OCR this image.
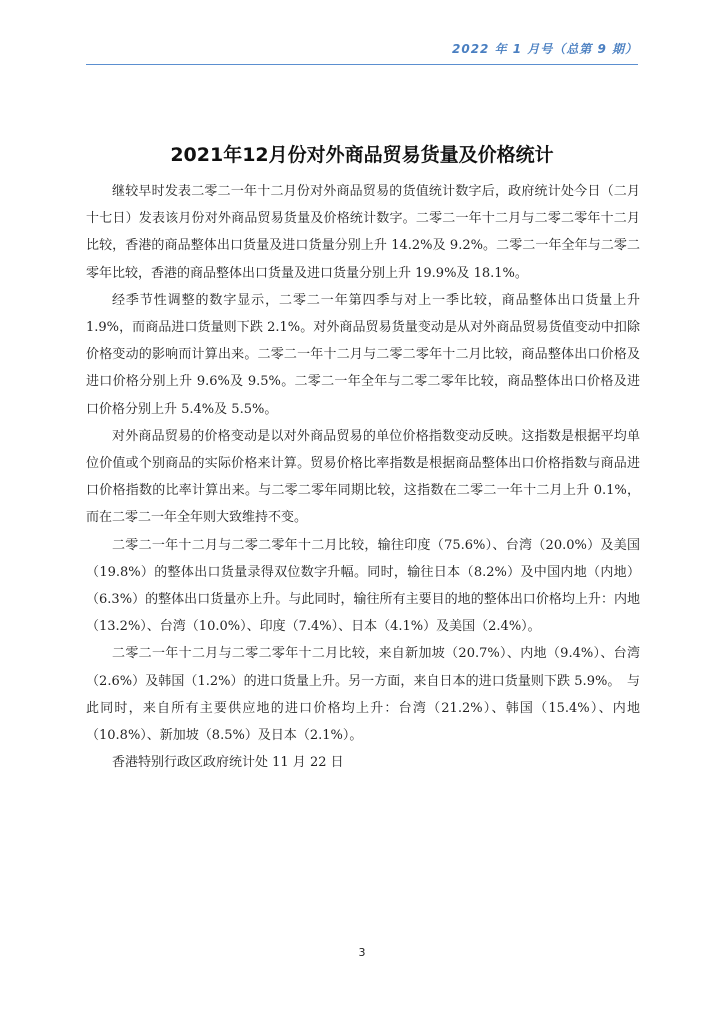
2022 年 1 月号（总第 9 期）
2021年12月份对外商品贸易货量及价格统计

继较早时发表二零二一年十二月份对外商品贸易的货值统计数字后，政府统计处今日（二月十七日）发表该月份对外商品贸易货量及价格统计数字。二零二一年十二月与二零二零年十二月比较，香港的商品整体出口货量及进口货量分别上升 14.2%及 9.2%。二零二一年全年与二零二零年比较，香港的商品整体出口货量及进口货量分别上升 19.9%及 18.1%。

经季节性调整的数字显示，二零二一年第四季与对上一季比较，商品整体出口货量上升 1.9%，而商品进口货量则下跌 2.1%。对外商品贸易货量变动是从对外商品贸易货值变动中扣除价格变动的影响而计算出来。二零二一年十二月与二零二零年十二月比较，商品整体出口价格及进口价格分别上升 9.6%及 9.5%。二零二一年全年与二零二零年比较，商品整体出口价格及进口价格分别上升 5.4%及 5.5%。

对外商品贸易的价格变动是以对外商品贸易的单位价格指数变动反映。这指数是根据平均单位价值或个别商品的实际价格来计算。贸易价格比率指数是根据商品整体出口价格指数与商品进口价格指数的比率计算出来。与二零二零年同期比较，这指数在二零二一年十二月上升 0.1%，而在二零二一年全年则大致维持不变。

二零二一年十二月与二零二零年十二月比较，输往印度（75.6%）、台湾（20.0%）及美国（19.8%）的整体出口货量录得双位数字升幅。同时，输往日本（8.2%）及中国内地（内地）（6.3%）的整体出口货量亦上升。与此同时，输往所有主要目的地的整体出口价格均上升：内地（13.2%）、台湾（10.0%）、印度（7.4%）、日本（4.1%）及美国（2.4%）。

二零二一年十二月与二零二零年十二月比较，来自新加坡（20.7%）、内地（9.4%）、台湾（2.6%）及韩国（1.2%）的进口货量上升。另一方面，来自日本的进口货量则下跌 5.9%。　与此同时，来自所有主要供应地的进口价格均上升：台湾（21.2%）、韩国（15.4%）、内地（10.8%）、新加坡（8.5%）及日本（2.1%）。

香港特别行政区政府统计处 11 月 22 日

3
